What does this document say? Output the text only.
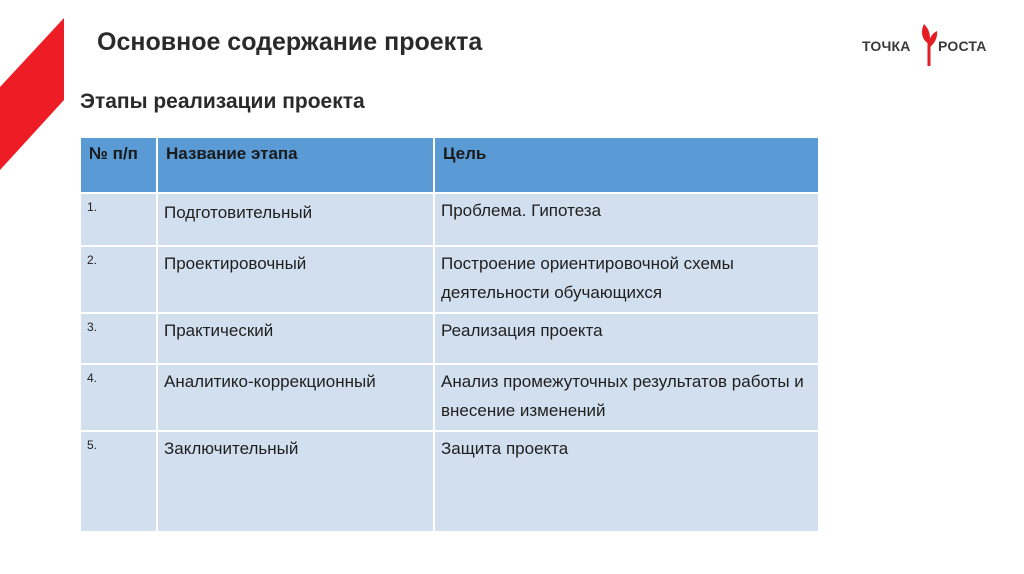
Основное содержание проекта
Этапы реализации проекта
ТОЧКА РОСТА
№ п/п	Название этапа	Цель
1.	Подготовительный	Проблема. Гипотеза
2.	Проектировочный	Построение ориентировочной схемы деятельности обучающихся
3.	Практический	Реализация проекта
4.	Аналитико-коррекционный	Анализ промежуточных результатов работы и внесение изменений
5.	Заключительный	Защита проекта
